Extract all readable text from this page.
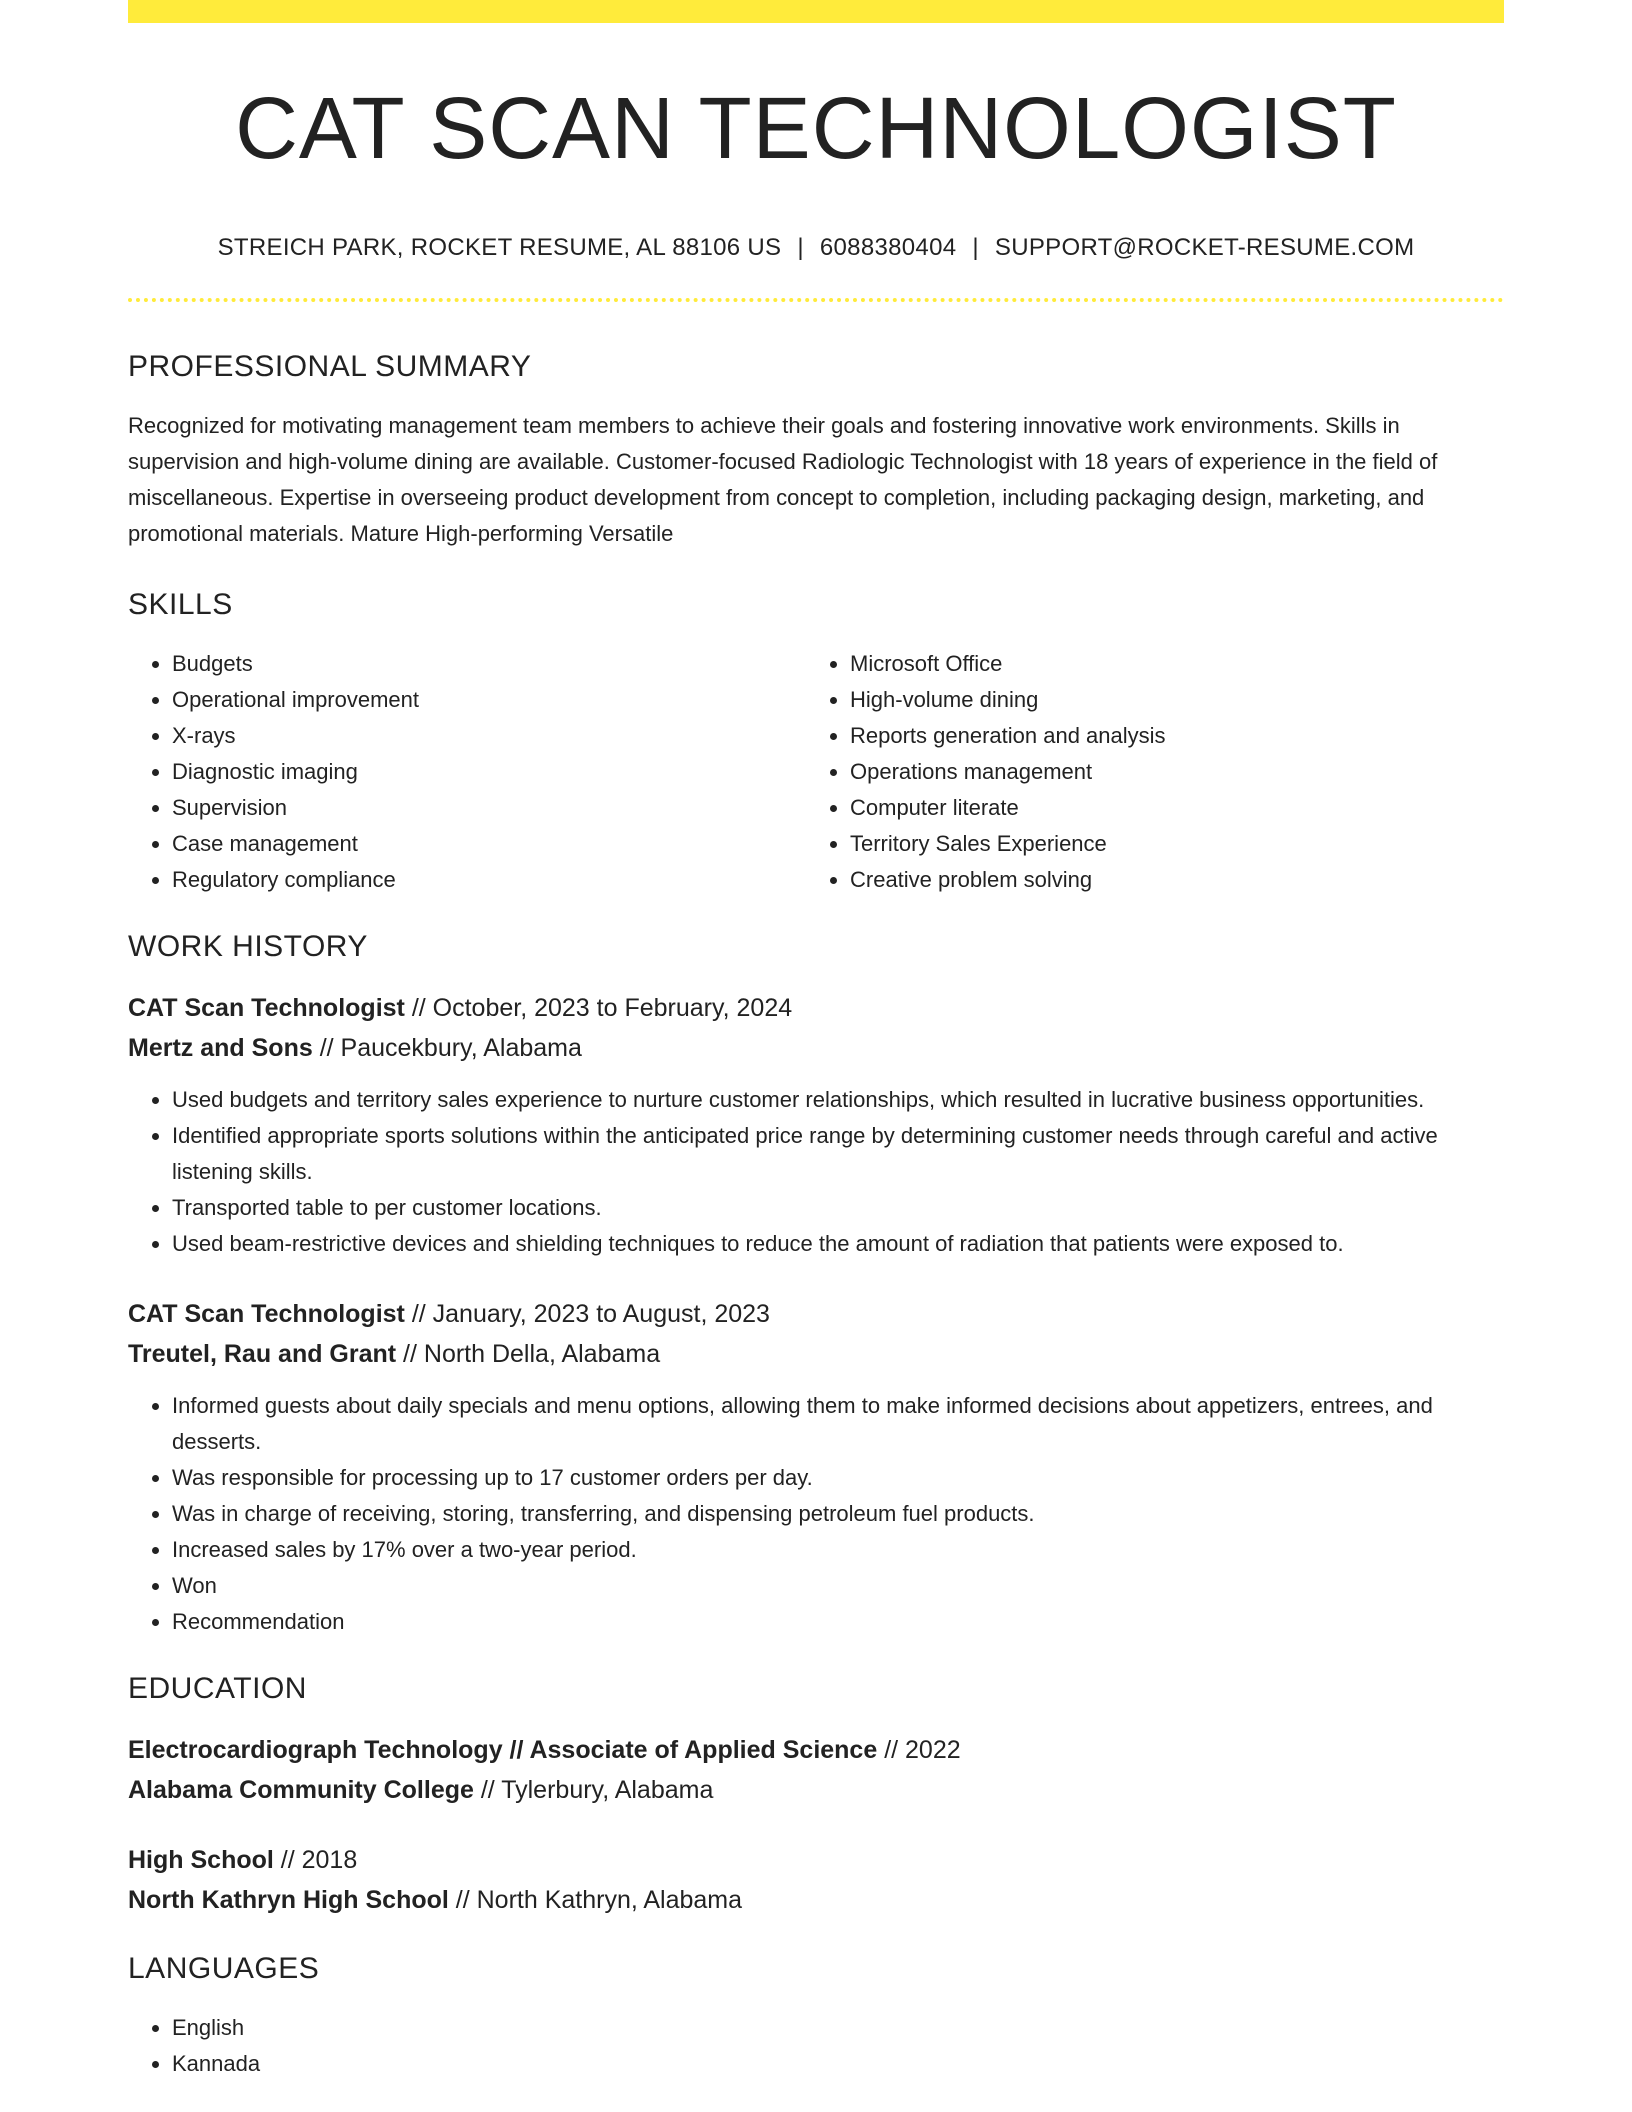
CAT SCAN TECHNOLOGIST
STREICH PARK, ROCKET RESUME, AL 88106 US | 6088380404 | SUPPORT@ROCKET-RESUME.COM
PROFESSIONAL SUMMARY

Recognized for motivating management team members to achieve their goals and fostering innovative work environments. Skills in supervision and high-volume dining are available. Customer-focused Radiologic Technologist with 18 years of experience in the field of miscellaneous. Expertise in overseeing product development from concept to completion, including packaging design, marketing, and promotional materials. Mature High-performing Versatile

SKILLS
• Budgets
• Operational improvement
• X-rays
• Diagnostic imaging
• Supervision
• Case management
• Regulatory compliance
• Microsoft Office
• High-volume dining
• Reports generation and analysis
• Operations management
• Computer literate
• Territory Sales Experience
• Creative problem solving
WORK HISTORY
CAT Scan Technologist // October, 2023 to February, 2024
Mertz and Sons // Paucekbury, Alabama
• Used budgets and territory sales experience to nurture customer relationships, which resulted in lucrative business opportunities.
• Identified appropriate sports solutions within the anticipated price range by determining customer needs through careful and active listening skills.
• Transported table to per customer locations.
• Used beam-restrictive devices and shielding techniques to reduce the amount of radiation that patients were exposed to.
CAT Scan Technologist // January, 2023 to August, 2023
Treutel, Rau and Grant // North Della, Alabama
• Informed guests about daily specials and menu options, allowing them to make informed decisions about appetizers, entrees, and desserts.
• Was responsible for processing up to 17 customer orders per day.
• Was in charge of receiving, storing, transferring, and dispensing petroleum fuel products.
• Increased sales by 17% over a two-year period.
• Won
• Recommendation
EDUCATION
Electrocardiograph Technology // Associate of Applied Science // 2022
Alabama Community College // Tylerbury, Alabama
High School // 2018
North Kathryn High School // North Kathryn, Alabama
LANGUAGES
• English
• Kannada
